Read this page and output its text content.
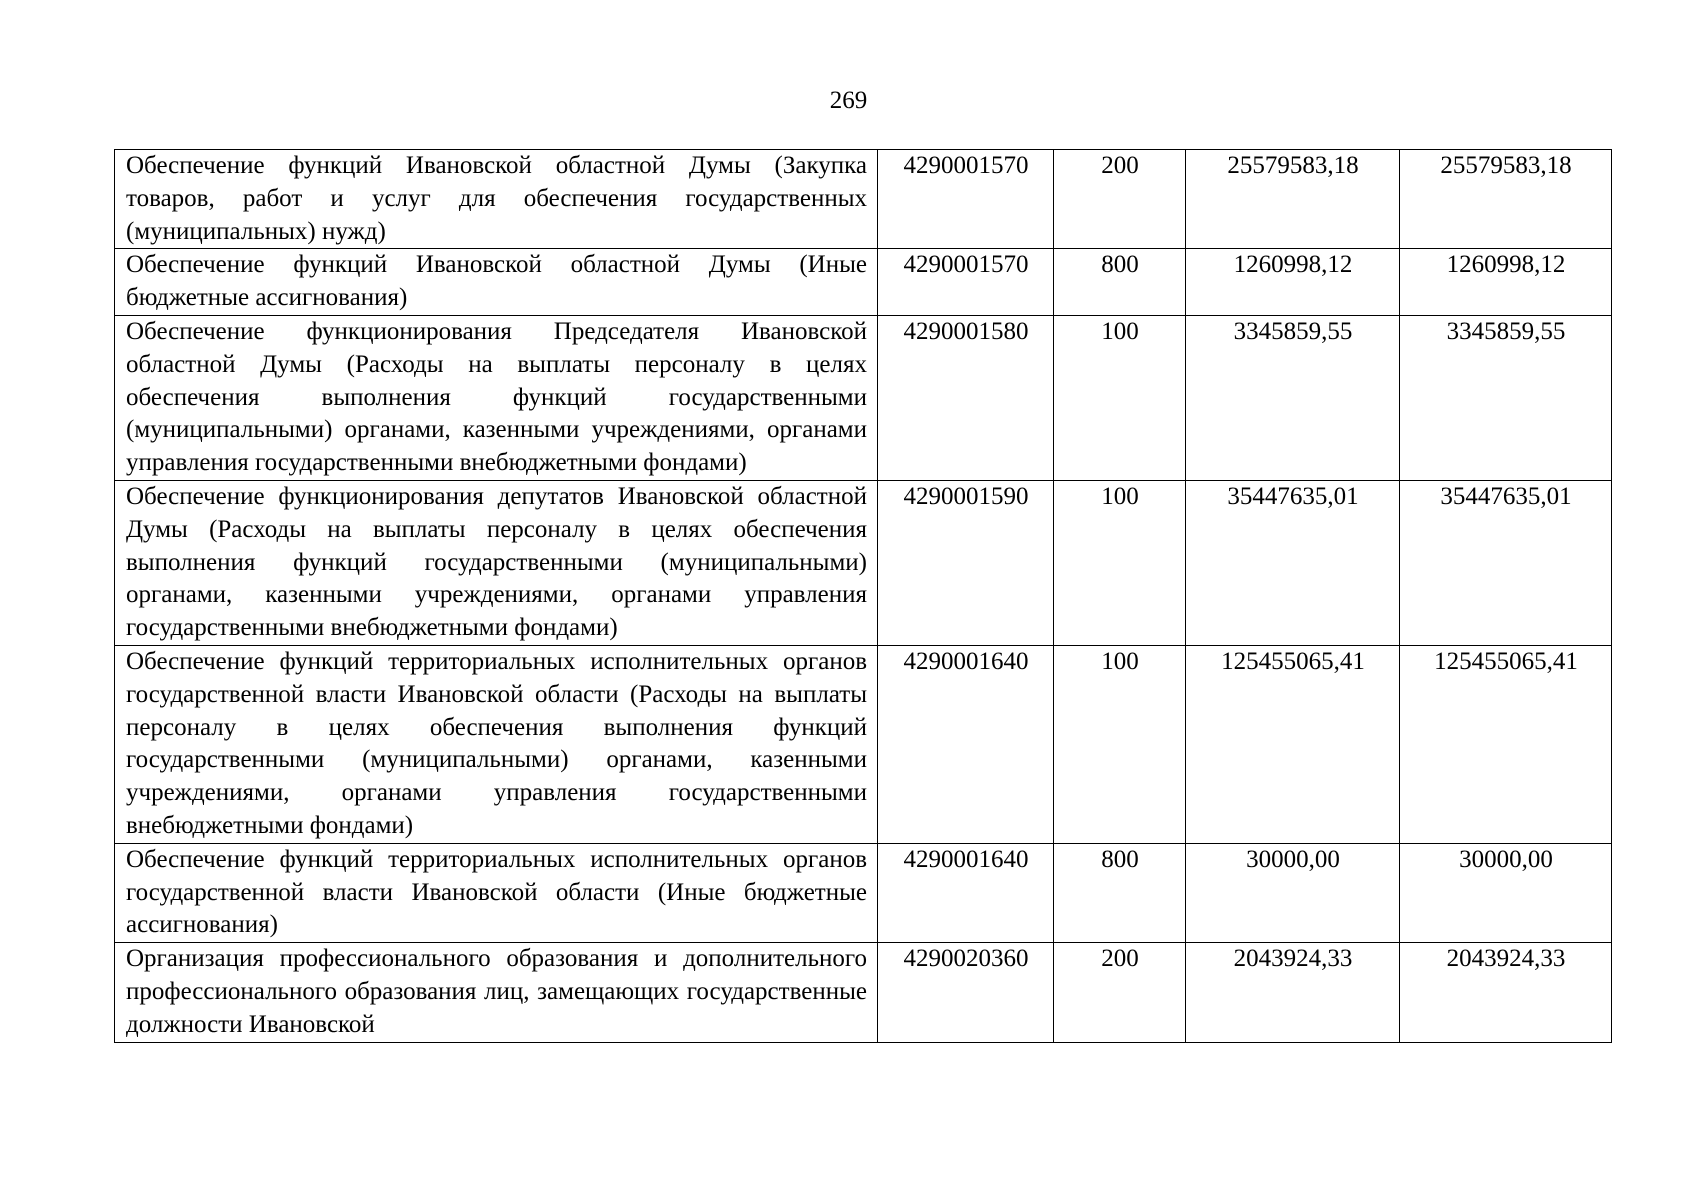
269
Обеспечение функций Ивановской областной Думы (Закупка товаров, работ и услуг для обеспечения государственных (муниципальных) нужд)	4290001570	200	25579583,18	25579583,18
Обеспечение функций Ивановской областной Думы (Иные бюджетные ассигнования)	4290001570	800	1260998,12	1260998,12
Обеспечение функционирования Председателя Ивановской областной Думы (Расходы на выплаты персоналу в целях обеспечения выполнения функций государственными (муниципальными) органами, казенными учреждениями, органами управления государственными внебюджетными фондами)	4290001580	100	3345859,55	3345859,55
Обеспечение функционирования депутатов Ивановской областной Думы (Расходы на выплаты персоналу в целях обеспечения выполнения функций государственными (муниципальными) органами, казенными учреждениями, органами управления государственными внебюджетными фондами)	4290001590	100	35447635,01	35447635,01
Обеспечение функций территориальных исполнительных органов государственной власти Ивановской области (Расходы на выплаты персоналу в целях обеспечения выполнения функций государственными (муниципальными) органами, казенными учреждениями, органами управления государственными внебюджетными фондами)	4290001640	100	125455065,41	125455065,41
Обеспечение функций территориальных исполнительных органов государственной власти Ивановской области (Иные бюджетные ассигнования)	4290001640	800	30000,00	30000,00
Организация профессионального образования и дополнительного профессионального образования лиц, замещающих государственные должности Ивановской	4290020360	200	2043924,33	2043924,33
